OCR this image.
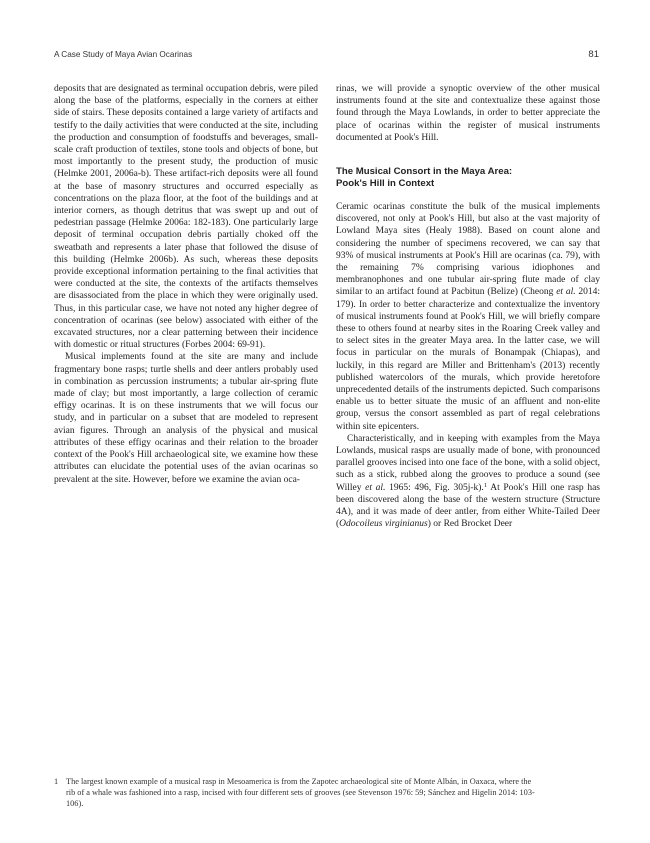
A Case Study of Maya Avian Ocarinas	81

deposits that are designated as terminal occupation debris, were piled along the base of the platforms, especially in the corners at either side of stairs. These deposits contained a large variety of artifacts and testify to the daily activities that were conducted at the site, including the production and consumption of foodstuffs and beverages, small-scale craft production of textiles, stone tools and objects of bone, but most importantly to the present study, the production of music (Helmke 2001, 2006a-b). These artifact-rich deposits were all found at the base of masonry structures and occurred especially as concentrations on the plaza floor, at the foot of the buildings and at interior corners, as though detritus that was swept up and out of pedestrian passage (Helmke 2006a: 182-183). One particularly large deposit of terminal occupation debris partially choked off the sweatbath and represents a later phase that followed the disuse of this building (Helmke 2006b). As such, whereas these deposits provide exceptional information pertaining to the final activities that were conducted at the site, the contexts of the artifacts themselves are disassociated from the place in which they were originally used. Thus, in this particular case, we have not noted any higher degree of concentration of ocarinas (see below) associated with either of the excavated structures, nor a clear patterning between their incidence with domestic or ritual structures (Forbes 2004: 69-91).

Musical implements found at the site are many and include fragmentary bone rasps; turtle shells and deer antlers probably used in combination as percussion instruments; a tubular air-spring flute made of clay; but most importantly, a large collection of ceramic effigy ocarinas. It is on these instruments that we will focus our study, and in particular on a subset that are modeled to represent avian figures. Through an analysis of the physical and musical attributes of these effigy ocarinas and their relation to the broader context of the Pook's Hill archaeological site, we examine how these attributes can elucidate the potential uses of the avian ocarinas so prevalent at the site. However, before we examine the avian oca-

rinas, we will provide a synoptic overview of the other musical instruments found at the site and contextualize these against those found through the Maya Lowlands, in order to better appreciate the place of ocarinas within the register of musical instruments documented at Pook's Hill.

The Musical Consort in the Maya Area:
Pook's Hill in Context

Ceramic ocarinas constitute the bulk of the musical implements discovered, not only at Pook's Hill, but also at the vast majority of Lowland Maya sites (Healy 1988). Based on count alone and considering the number of specimens recovered, we can say that 93% of musical instruments at Pook's Hill are ocarinas (ca. 79), with the remaining 7% comprising various idiophones and membranophones and one tubular air-spring flute made of clay similar to an artifact found at Pacbitun (Belize) (Cheong et al. 2014: 179). In order to better characterize and contextualize the inventory of musical instruments found at Pook's Hill, we will briefly compare these to others found at nearby sites in the Roaring Creek valley and to select sites in the greater Maya area. In the latter case, we will focus in particular on the murals of Bonampak (Chiapas), and luckily, in this regard are Miller and Brittenham's (2013) recently published watercolors of the murals, which provide heretofore unprecedented details of the instruments depicted. Such comparisons enable us to better situate the music of an affluent and non-elite group, versus the consort assembled as part of regal celebrations within site epicenters.

Characteristically, and in keeping with examples from the Maya Lowlands, musical rasps are usually made of bone, with pronounced parallel grooves incised into one face of the bone, with a solid object, such as a stick, rubbed along the grooves to produce a sound (see Willey et al. 1965: 496, Fig. 305j-k).$^1$ At Pook's Hill one rasp has been discovered along the base of the western structure (Structure 4A), and it was made of deer antler, from either White-Tailed Deer (Odocoileus virginianus) or Red Brocket Deer

1 The largest known example of a musical rasp in Mesoamerica is from the Zapotec archaeological site of Monte Albán, in Oaxaca, where the rib of a whale was fashioned into a rasp, incised with four different sets of grooves (see Stevenson 1976: 59; Sánchez and Higelin 2014: 103-106).
